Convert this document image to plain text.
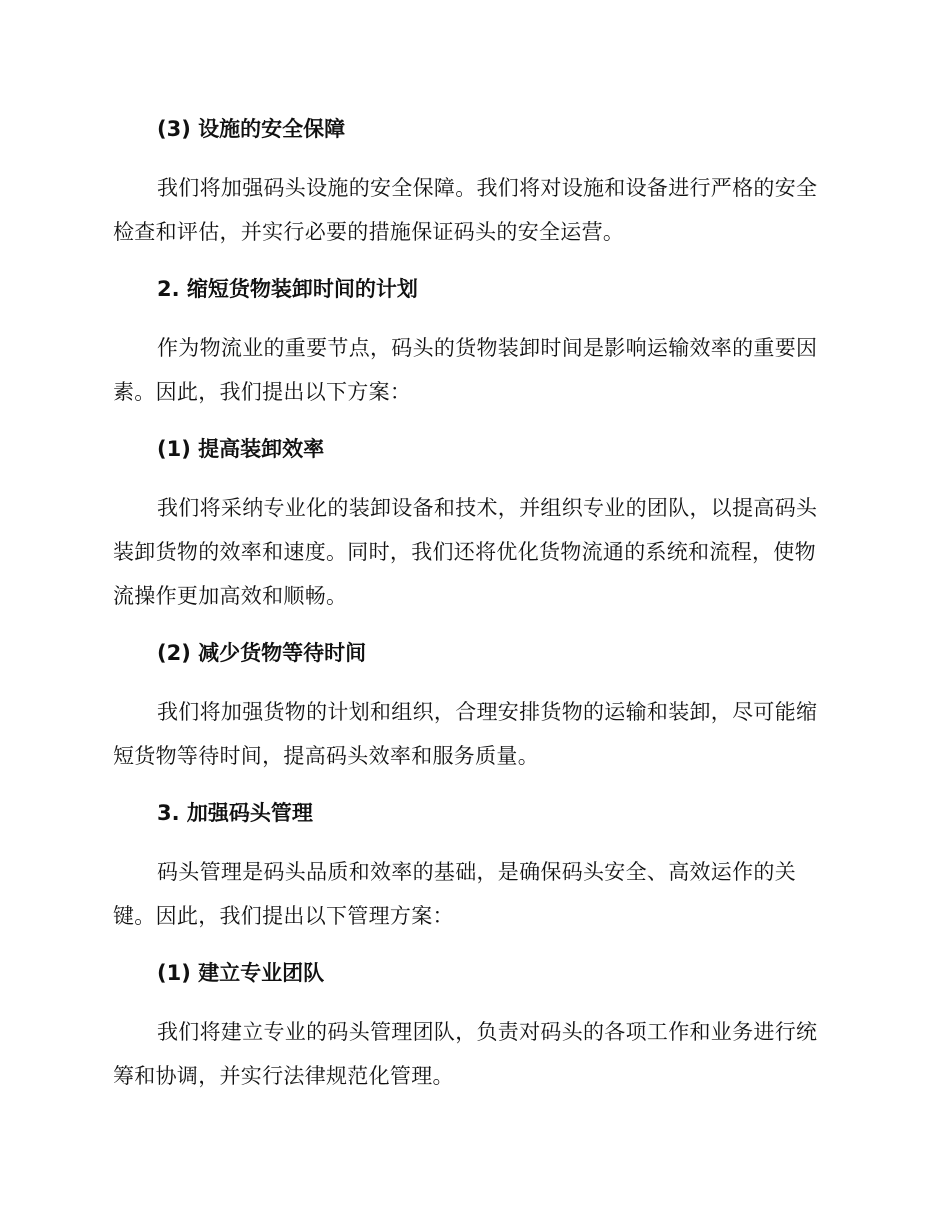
(3) 设施的安全保障
我们将加强码头设施的安全保障。我们将对设施和设备进行严格的安全检查和评估，并实行必要的措施保证码头的安全运营。
2. 缩短货物装卸时间的计划
作为物流业的重要节点，码头的货物装卸时间是影响运输效率的重要因素。因此，我们提出以下方案：
(1) 提高装卸效率
我们将采纳专业化的装卸设备和技术，并组织专业的团队，以提高码头装卸货物的效率和速度。同时，我们还将优化货物流通的系统和流程，使物流操作更加高效和顺畅。
(2) 减少货物等待时间
我们将加强货物的计划和组织，合理安排货物的运输和装卸，尽可能缩短货物等待时间，提高码头效率和服务质量。
3. 加强码头管理
码头管理是码头品质和效率的基础，是确保码头安全、高效运作的关键。因此，我们提出以下管理方案：
(1) 建立专业团队
我们将建立专业的码头管理团队，负责对码头的各项工作和业务进行统筹和协调，并实行法律规范化管理。
